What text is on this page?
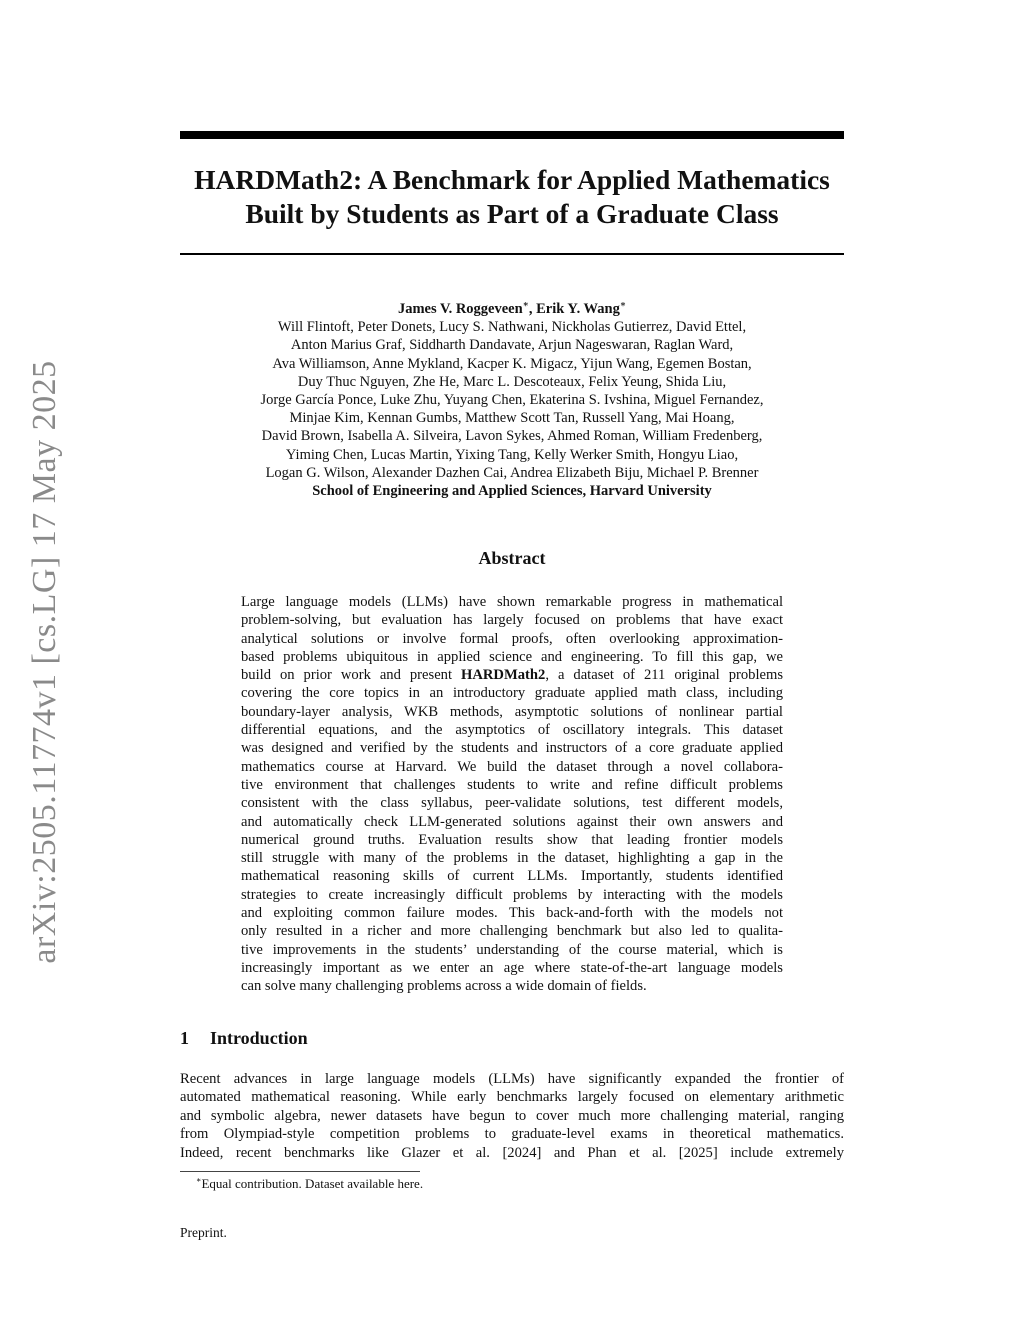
arXiv:2505.11774v1 [cs.LG] 17 May 2025
HARDMath2: A Benchmark for Applied Mathematics
Built by Students as Part of a Graduate Class
James V. Roggeveen∗, Erik Y. Wang∗
Will Flintoft, Peter Donets, Lucy S. Nathwani, Nickholas Gutierrez, David Ettel,
Anton Marius Graf, Siddharth Dandavate, Arjun Nageswaran, Raglan Ward,
Ava Williamson, Anne Mykland, Kacper K. Migacz, Yijun Wang, Egemen Bostan,
Duy Thuc Nguyen, Zhe He, Marc L. Descoteaux, Felix Yeung, Shida Liu,
Jorge García Ponce, Luke Zhu, Yuyang Chen, Ekaterina S. Ivshina, Miguel Fernandez,
Minjae Kim, Kennan Gumbs, Matthew Scott Tan, Russell Yang, Mai Hoang,
David Brown, Isabella A. Silveira, Lavon Sykes, Ahmed Roman, William Fredenberg,
Yiming Chen, Lucas Martin, Yixing Tang, Kelly Werker Smith, Hongyu Liao,
Logan G. Wilson, Alexander Dazhen Cai, Andrea Elizabeth Biju, Michael P. Brenner
School of Engineering and Applied Sciences, Harvard University
Abstract
Large language models (LLMs) have shown remarkable progress in mathematical
problem-solving, but evaluation has largely focused on problems that have exact
analytical solutions or involve formal proofs, often overlooking approximation-
based problems ubiquitous in applied science and engineering. To fill this gap, we
build on prior work and present HARDMath2, a dataset of 211 original problems
covering the core topics in an introductory graduate applied math class, including
boundary-layer analysis, WKB methods, asymptotic solutions of nonlinear partial
differential equations, and the asymptotics of oscillatory integrals. This dataset
was designed and verified by the students and instructors of a core graduate applied
mathematics course at Harvard. We build the dataset through a novel collabora-
tive environment that challenges students to write and refine difficult problems
consistent with the class syllabus, peer-validate solutions, test different models,
and automatically check LLM-generated solutions against their own answers and
numerical ground truths. Evaluation results show that leading frontier models
still struggle with many of the problems in the dataset, highlighting a gap in the
mathematical reasoning skills of current LLMs. Importantly, students identified
strategies to create increasingly difficult problems by interacting with the models
and exploiting common failure modes. This back-and-forth with the models not
only resulted in a richer and more challenging benchmark but also led to qualita-
tive improvements in the students’ understanding of the course material, which is
increasingly important as we enter an age where state-of-the-art language models
can solve many challenging problems across a wide domain of fields.
1 Introduction
Recent advances in large language models (LLMs) have significantly expanded the frontier of
automated mathematical reasoning. While early benchmarks largely focused on elementary arithmetic
and symbolic algebra, newer datasets have begun to cover much more challenging material, ranging
from Olympiad-style competition problems to graduate-level exams in theoretical mathematics.
Indeed, recent benchmarks like Glazer et al. [2024] and Phan et al. [2025] include extremely
∗Equal contribution. Dataset available here.
Preprint.
